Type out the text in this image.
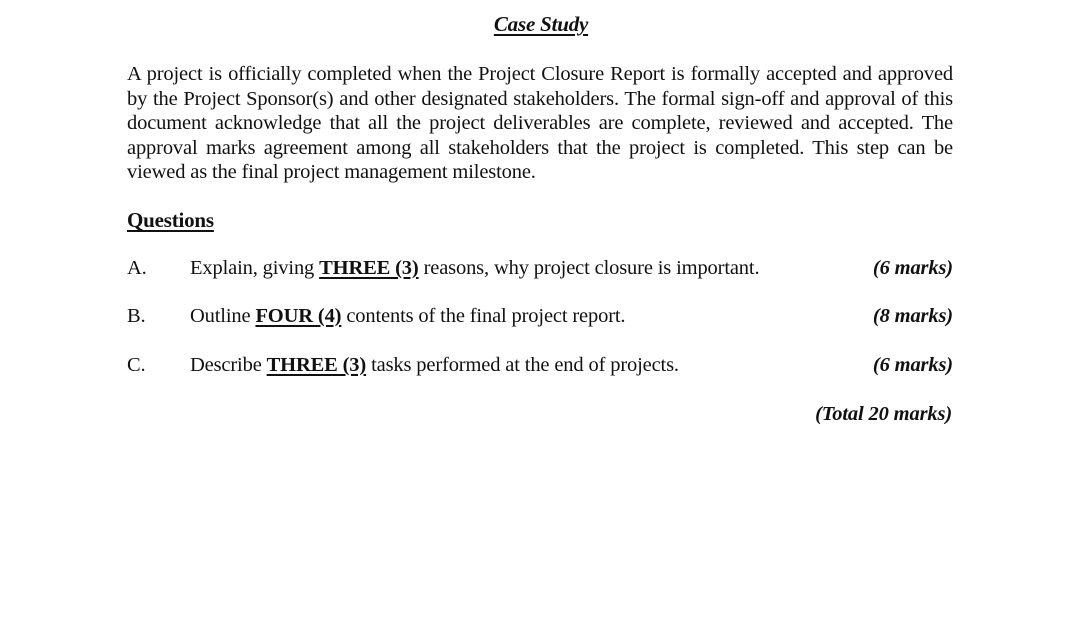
Case Study

A project is officially completed when the Project Closure Report is formally accepted and approved by the Project Sponsor(s) and other designated stakeholders. The formal sign-off and approval of this document acknowledge that all the project deliverables are complete, reviewed and accepted. The approval marks agreement among all stakeholders that the project is completed. This step can be viewed as the final project management milestone.

Questions
A. Explain, giving THREE (3) reasons, why project closure is important.	(6 marks)
B. Outline FOUR (4) contents of the final project report.	(8 marks)
C. Describe THREE (3) tasks performed at the end of projects.	(6 marks)
(Total 20 marks)
